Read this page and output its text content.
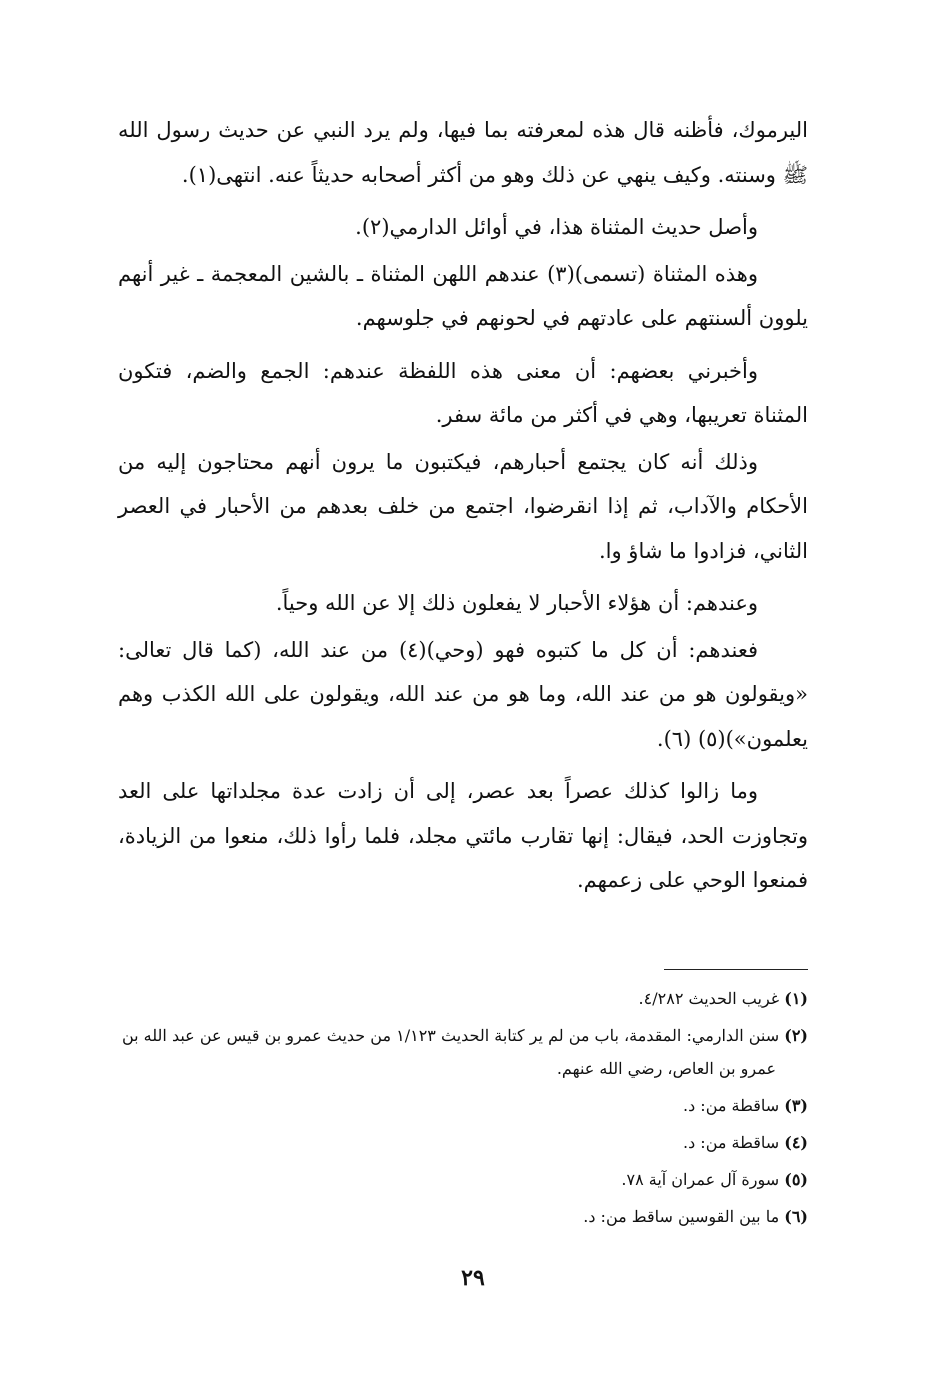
اليرموك، فأظنه قال هذه لمعرفته بما فيها، ولم يرد النبي عن حديث رسول الله ﷺ وسنته. وكيف ينهي عن ذلك وهو من أكثر أصحابه حديثاً عنه. انتهى(١).

وأصل حديث المثناة هذا، في أوائل الدارمي(٢).

وهذه المثناة (تسمى)(٣) عندهم اللهن المثناة ـ بالشين المعجمة ـ غير أنهم يلوون ألسنتهم على عادتهم في لحونهم في جلوسهم.

وأخبرني بعضهم: أن معنى هذه اللفظة عندهم: الجمع والضم، فتكون المثناة تعريبها، وهي في أكثر من مائة سفر.

وذلك أنه كان يجتمع أحبارهم، فيكتبون ما يرون أنهم محتاجون إليه من الأحكام والآداب، ثم إذا انقرضوا، اجتمع من خلف بعدهم من الأحبار في العصر الثاني، فزادوا ما شاؤ وا.

وعندهم: أن هؤلاء الأحبار لا يفعلون ذلك إلا عن الله وحياً.

فعندهم: أن كل ما كتبوه فهو (وحي)(٤) من عند الله، (كما قال تعالى: «ويقولون هو من عند الله، وما هو من عند الله، ويقولون على الله الكذب وهم يعلمون»)(٥) (٦).

وما زالوا كذلك عصراً بعد عصر، إلى أن زادت عدة مجلداتها على العد وتجاوزت الحد، فيقال: إنها تقارب مائتي مجلد، فلما رأوا ذلك، منعوا من الزيادة، فمنعوا الوحي على زعمهم.

(١) غريب الحديث ٤/٢٨٢.

(٢) سنن الدارمي: المقدمة، باب من لم ير كتابة الحديث ١/١٢٣ من حديث عمرو بن قيس عن عبد الله بن عمرو بن العاص، رضي الله عنهم.

(٣) ساقطة من: د.

(٤) ساقطة من: د.

(٥) سورة آل عمران آية ٧٨.

(٦) ما بين القوسين ساقط من: د.

٢٩
